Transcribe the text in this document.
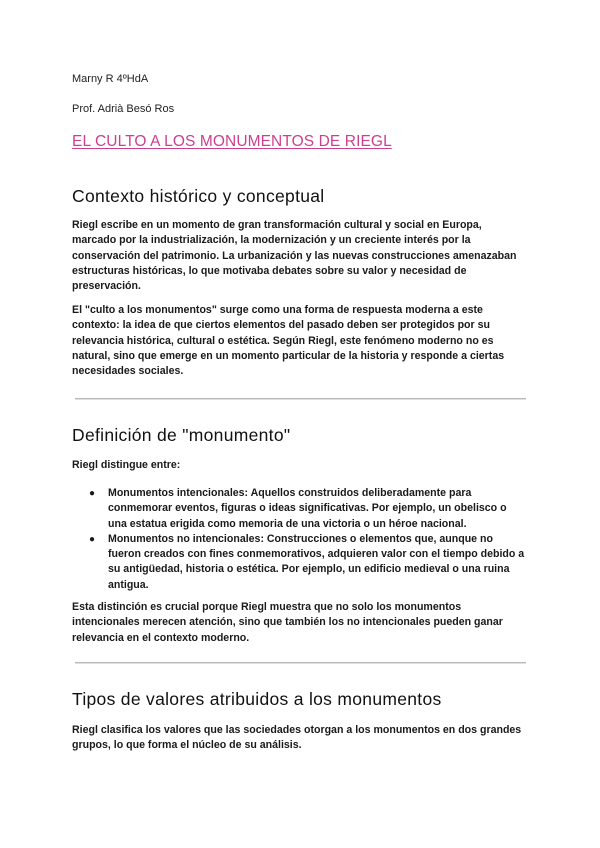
Marny R 4ºHdA
Prof. Adrià Besó Ros
EL CULTO A LOS MONUMENTOS DE RIEGL
Contexto histórico y conceptual

Riegl escribe en un momento de gran transformación cultural y social en Europa, marcado por la industrialización, la modernización y un creciente interés por la conservación del patrimonio. La urbanización y las nuevas construcciones amenazaban estructuras históricas, lo que motivaba debates sobre su valor y necesidad de preservación.

El "culto a los monumentos" surge como una forma de respuesta moderna a este contexto: la idea de que ciertos elementos del pasado deben ser protegidos por su relevancia histórica, cultural o estética. Según Riegl, este fenómeno moderno no es natural, sino que emerge en un momento particular de la historia y responde a ciertas necesidades sociales.

Definición de "monumento"

Riegl distingue entre:

● Monumentos intencionales: Aquellos construidos deliberadamente para conmemorar eventos, figuras o ideas significativas. Por ejemplo, un obelisco o una estatua erigida como memoria de una victoria o un héroe nacional.
● Monumentos no intencionales: Construcciones o elementos que, aunque no fueron creados con fines conmemorativos, adquieren valor con el tiempo debido a su antigüedad, historia o estética. Por ejemplo, un edificio medieval o una ruina antigua.

Esta distinción es crucial porque Riegl muestra que no solo los monumentos intencionales merecen atención, sino que también los no intencionales pueden ganar relevancia en el contexto moderno.

Tipos de valores atribuidos a los monumentos

Riegl clasifica los valores que las sociedades otorgan a los monumentos en dos grandes grupos, lo que forma el núcleo de su análisis.
